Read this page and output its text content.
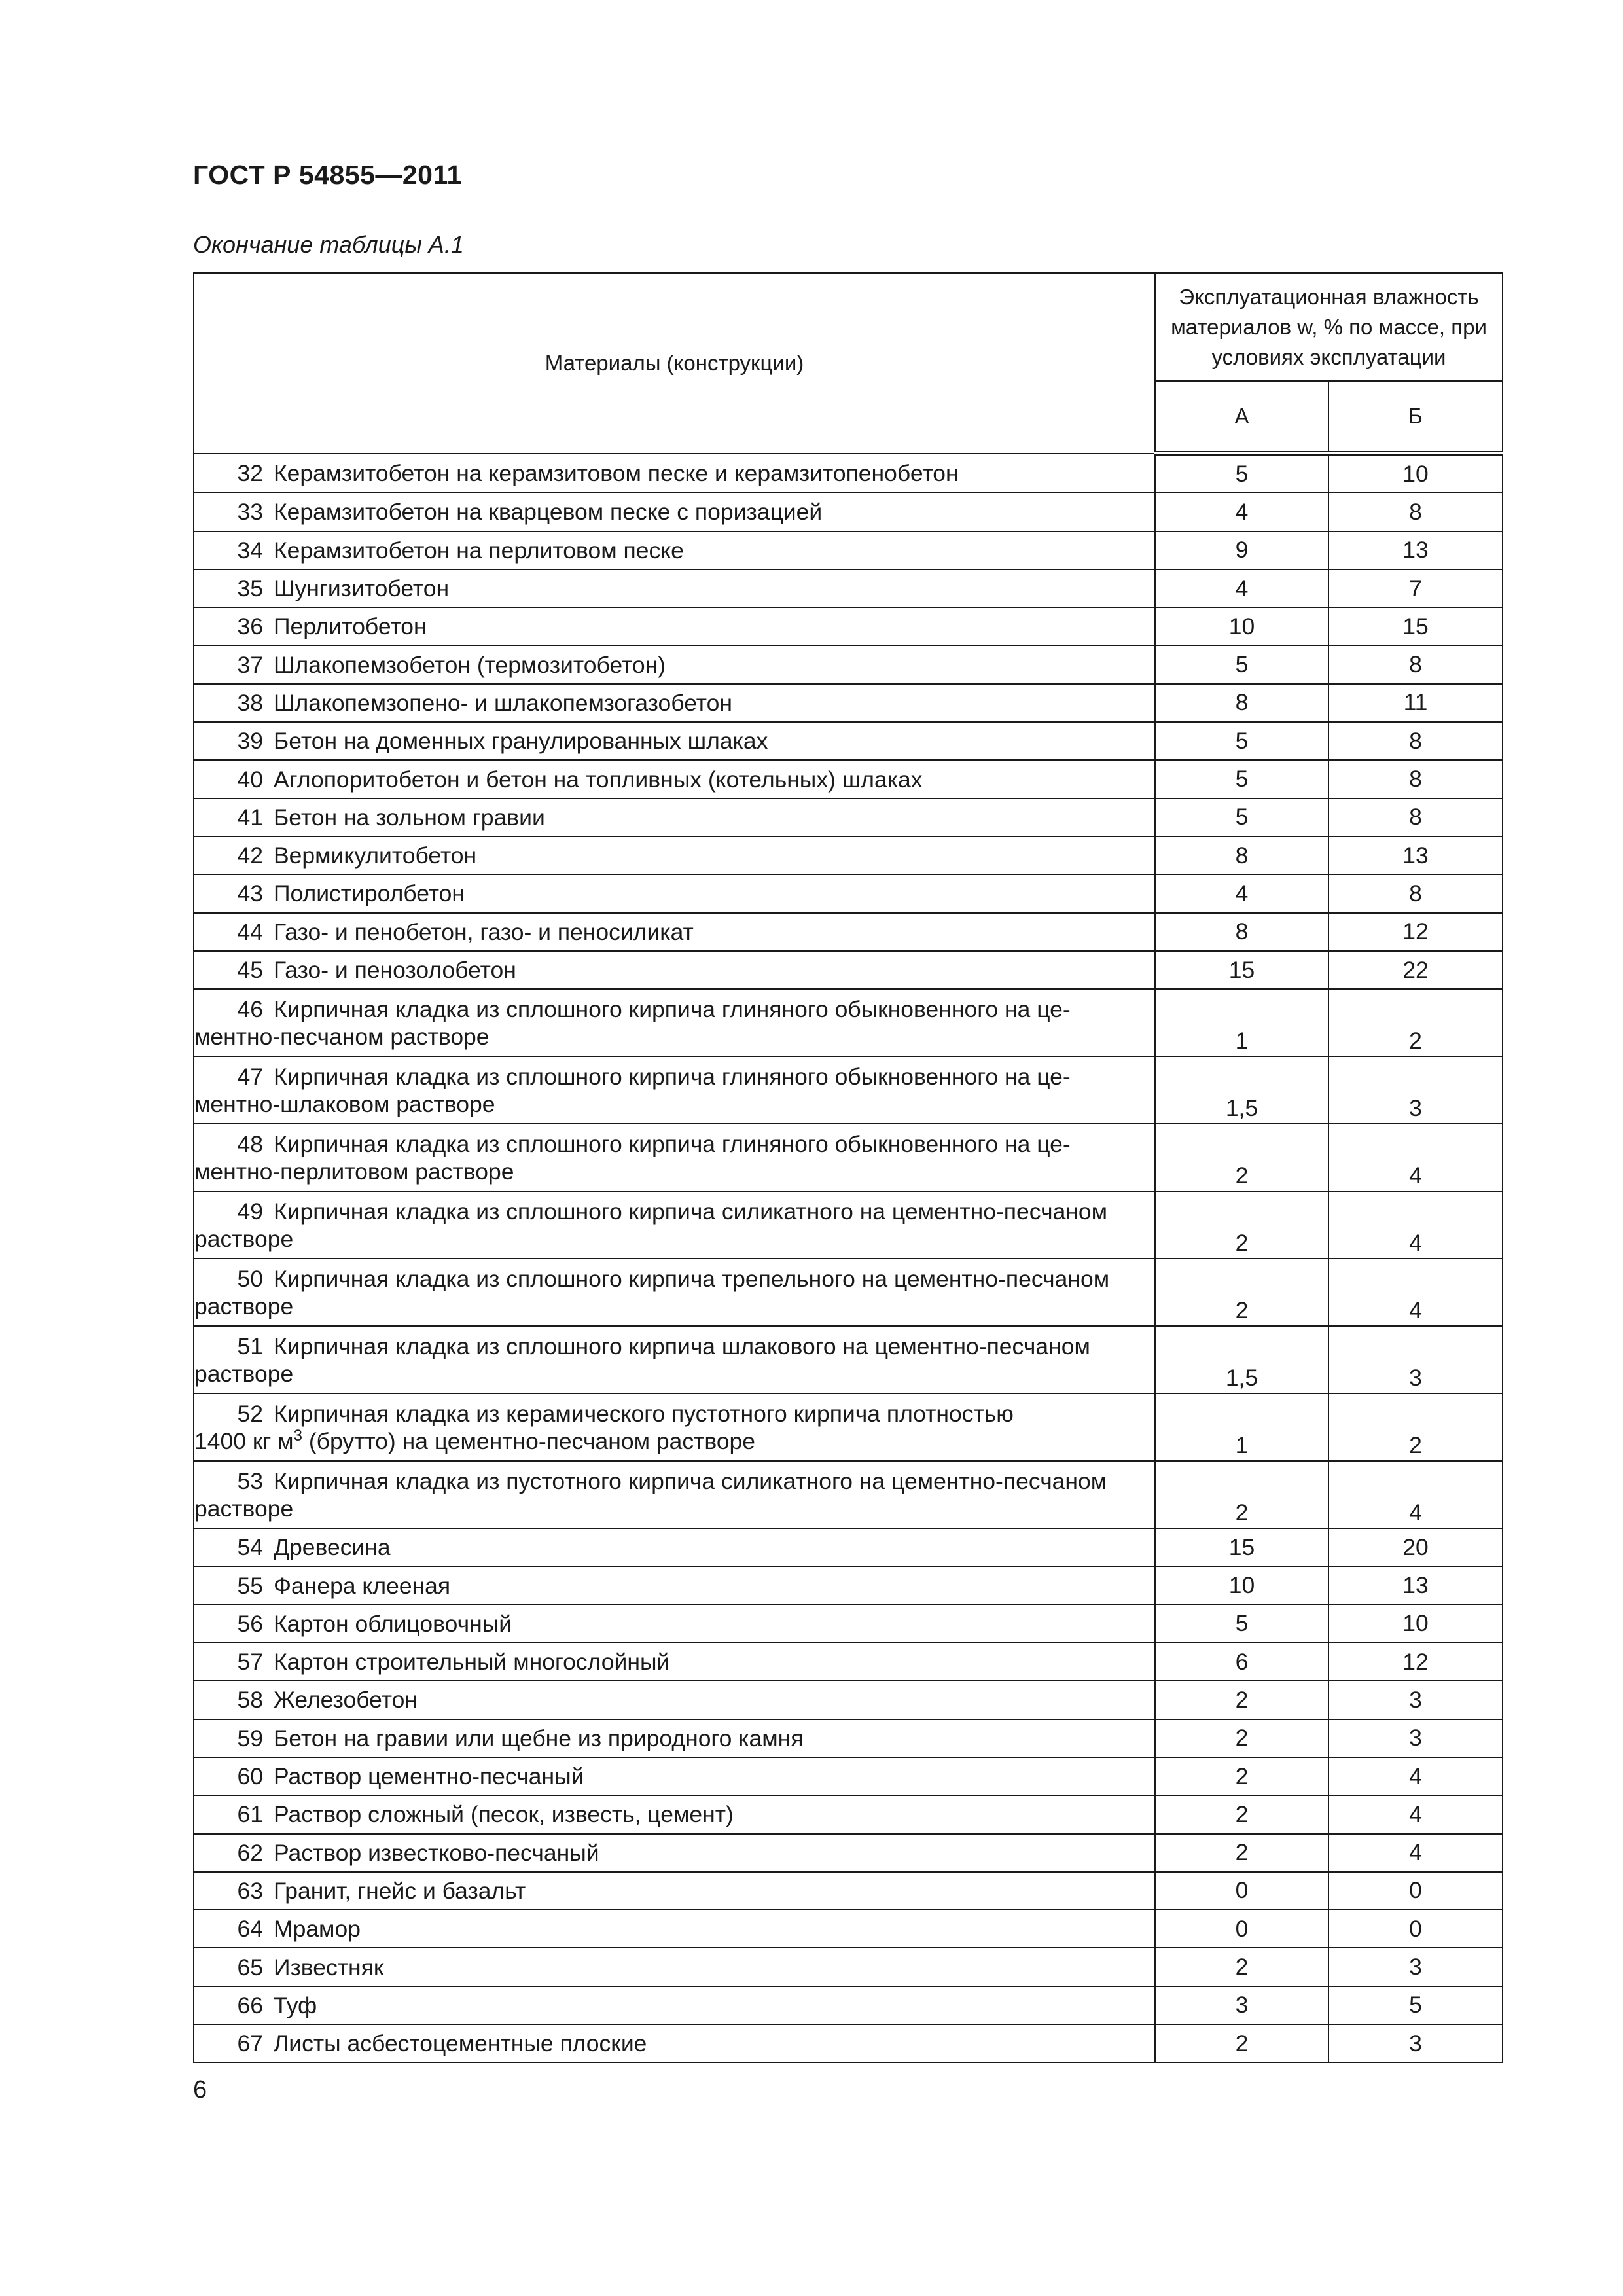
ГОСТ Р 54855—2011
Окончание таблицы А.1
Материалы (конструкции)	Эксплуатационная влажность
материалов w, % по массе, при
условиях эксплуатации	
	А	Б
32 Керамзитобетон на керамзитовом песке и керамзитопенобетон	5	10
33 Керамзитобетон на кварцевом песке с поризацией	4	8
34 Керамзитобетон на перлитовом песке	9	13
35 Шунгизитобетон	4	7
36 Перлитобетон	10	15
37 Шлакопемзобетон (термозитобетон)	5	8
38 Шлакопемзопено- и шлакопемзогазобетон	8	11
39 Бетон на доменных гранулированных шлаках	5	8
40 Аглопоритобетон и бетон на топливных (котельных) шлаках	5	8
41 Бетон на зольном гравии	5	8
42 Вермикулитобетон	8	13
43 Полистиролбетон	4	8
44 Газо- и пенобетон, газо- и пеносиликат	8	12
45 Газо- и пенозолобетон	15	22
46 Кирпичная кладка из сплошного кирпича глиняного обыкновенного на це-
ментно-песчаном растворе	1	2
47 Кирпичная кладка из сплошного кирпича глиняного обыкновенного на це-
ментно-шлаковом растворе	1,5	3
48 Кирпичная кладка из сплошного кирпича глиняного обыкновенного на це-
ментно-перлитовом растворе	2	4
49 Кирпичная кладка из сплошного кирпича силикатного на цементно-песчаном
растворе	2	4
50 Кирпичная кладка из сплошного кирпича трепельного на цементно-песчаном
растворе	2	4
51 Кирпичная кладка из сплошного кирпича шлакового на цементно-песчаном
растворе	1,5	3
52 Кирпичная кладка из керамического пустотного кирпича плотностью
1400 кг $м^3$ (брутто) на цементно-песчаном растворе	1	2
53 Кирпичная кладка из пустотного кирпича силикатного на цементно-песчаном
растворе	2	4
54 Древесина	15	20
55 Фанера клееная	10	13
56 Картон облицовочный	5	10
57 Картон строительный многослойный	6	12
58 Железобетон	2	3
59 Бетон на гравии или щебне из природного камня	2	3
60 Раствор цементно-песчаный	2	4
61 Раствор сложный (песок, известь, цемент)	2	4
62 Раствор известково-песчаный	2	4
63 Гранит, гнейс и базальт	0	0
64 Мрамор	0	0
65 Известняк	2	3
66 Туф	3	5
67 Листы асбестоцементные плоские	2	3
6
